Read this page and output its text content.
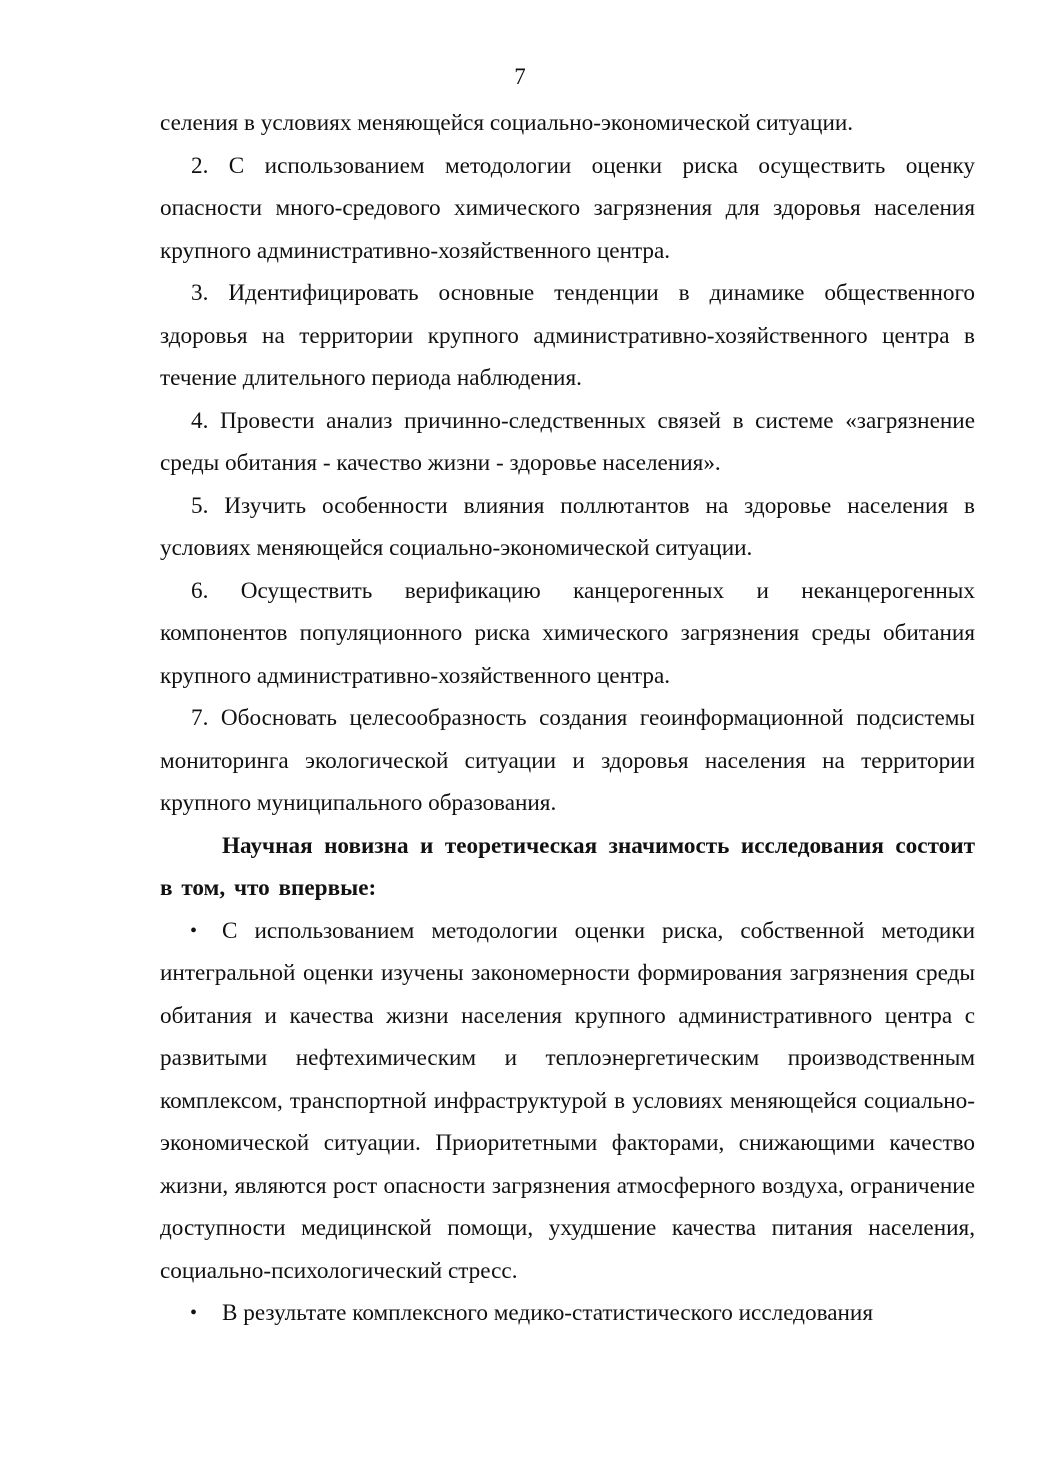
7

селения в условиях меняющейся социально-экономической ситуации.

2. С использованием методологии оценки риска осуществить оценку опасности много-средового химического загрязнения для здоровья населения крупного административно-хозяйственного центра.

3. Идентифицировать основные тенденции в динамике общественного здоровья на территории крупного административно-хозяйственного центра в течение длительного периода наблюдения.

4. Провести анализ причинно-следственных связей в системе «загрязнение среды обитания - качество жизни - здоровье населения».

5. Изучить особенности влияния поллютантов на здоровье населения в условиях меняющейся социально-экономической ситуации.

6. Осуществить верификацию канцерогенных и неканцерогенных компонентов популяционного риска химического загрязнения среды обитания крупного административно-хозяйственного центра.

7. Обосновать целесообразность создания геоинформационной подсистемы мониторинга экологической ситуации и здоровья населения на территории крупного муниципального образования.

Научная новизна и теоретическая значимость исследования состоит в том, что впервые:

• С использованием методологии оценки риска, собственной методики интегральной оценки изучены закономерности формирования загрязнения среды обитания и качества жизни населения крупного административного центра с развитыми нефтехимическим и теплоэнергетическим производственным комплексом, транспортной инфраструктурой в условиях меняющейся социально-экономической ситуации. Приоритетными факторами, снижающими качество жизни, являются рост опасности загрязнения атмосферного воздуха, ограничение доступности медицинской помощи, ухудшение качества питания населения, социально-психологический стресс.

• В результате комплексного медико-статистического исследования
